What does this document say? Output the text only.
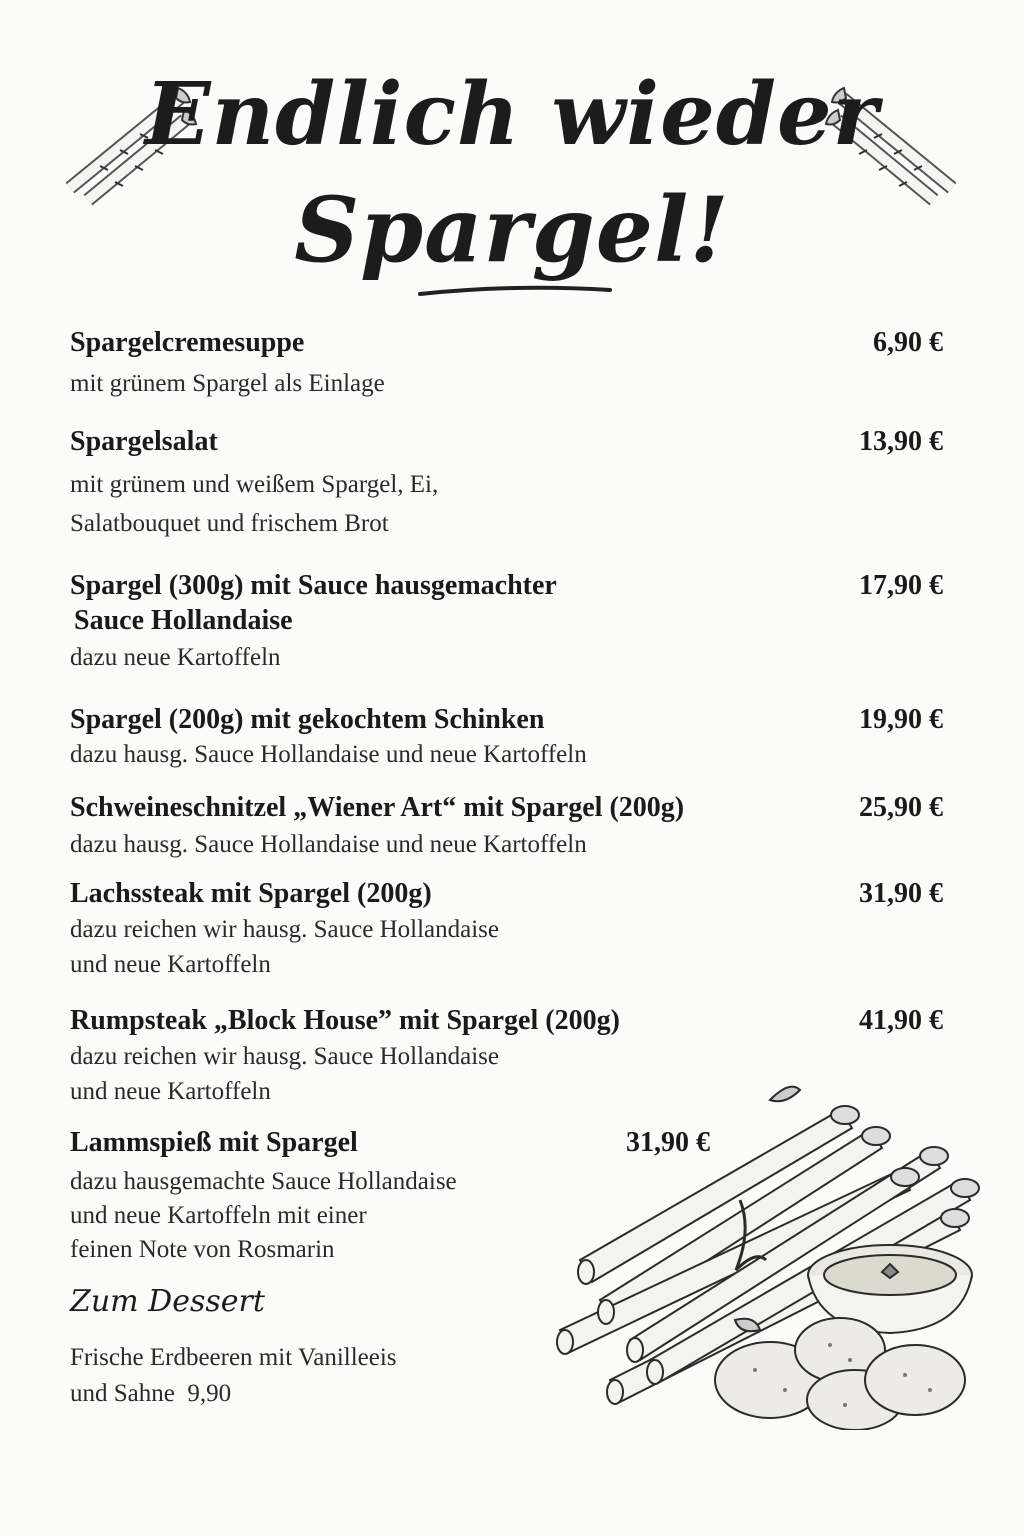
Endlich wieder
Spargel!
Spargelcremesuppe	6,90 €
mit grünem Spargel als Einlage
Spargelsalat	13,90 €
mit grünem und weißem Spargel, Ei,
Salatbouquet und frischem Brot
Spargel (300g) mit Sauce hausgemachter	17,90 €
Sauce Hollandaise
dazu neue Kartoffeln
Spargel (200g) mit gekochtem Schinken	19,90 €
dazu hausg. Sauce Hollandaise und neue Kartoffeln
Schweineschnitzel „Wiener Art“ mit Spargel (200g)	25,90 €
dazu hausg. Sauce Hollandaise und neue Kartoffeln
Lachssteak mit Spargel (200g)	31,90 €
dazu reichen wir hausg. Sauce Hollandaise
und neue Kartoffeln
Rumpsteak „Block House” mit Spargel (200g)	41,90 €
dazu reichen wir hausg. Sauce Hollandaise
und neue Kartoffeln
Lammspieß mit Spargel	31,90 €
dazu hausgemachte Sauce Hollandaise
und neue Kartoffeln mit einer
feinen Note von Rosmarin
Zum Dessert
Frische Erdbeeren mit Vanilleeis
und Sahne  9,90
